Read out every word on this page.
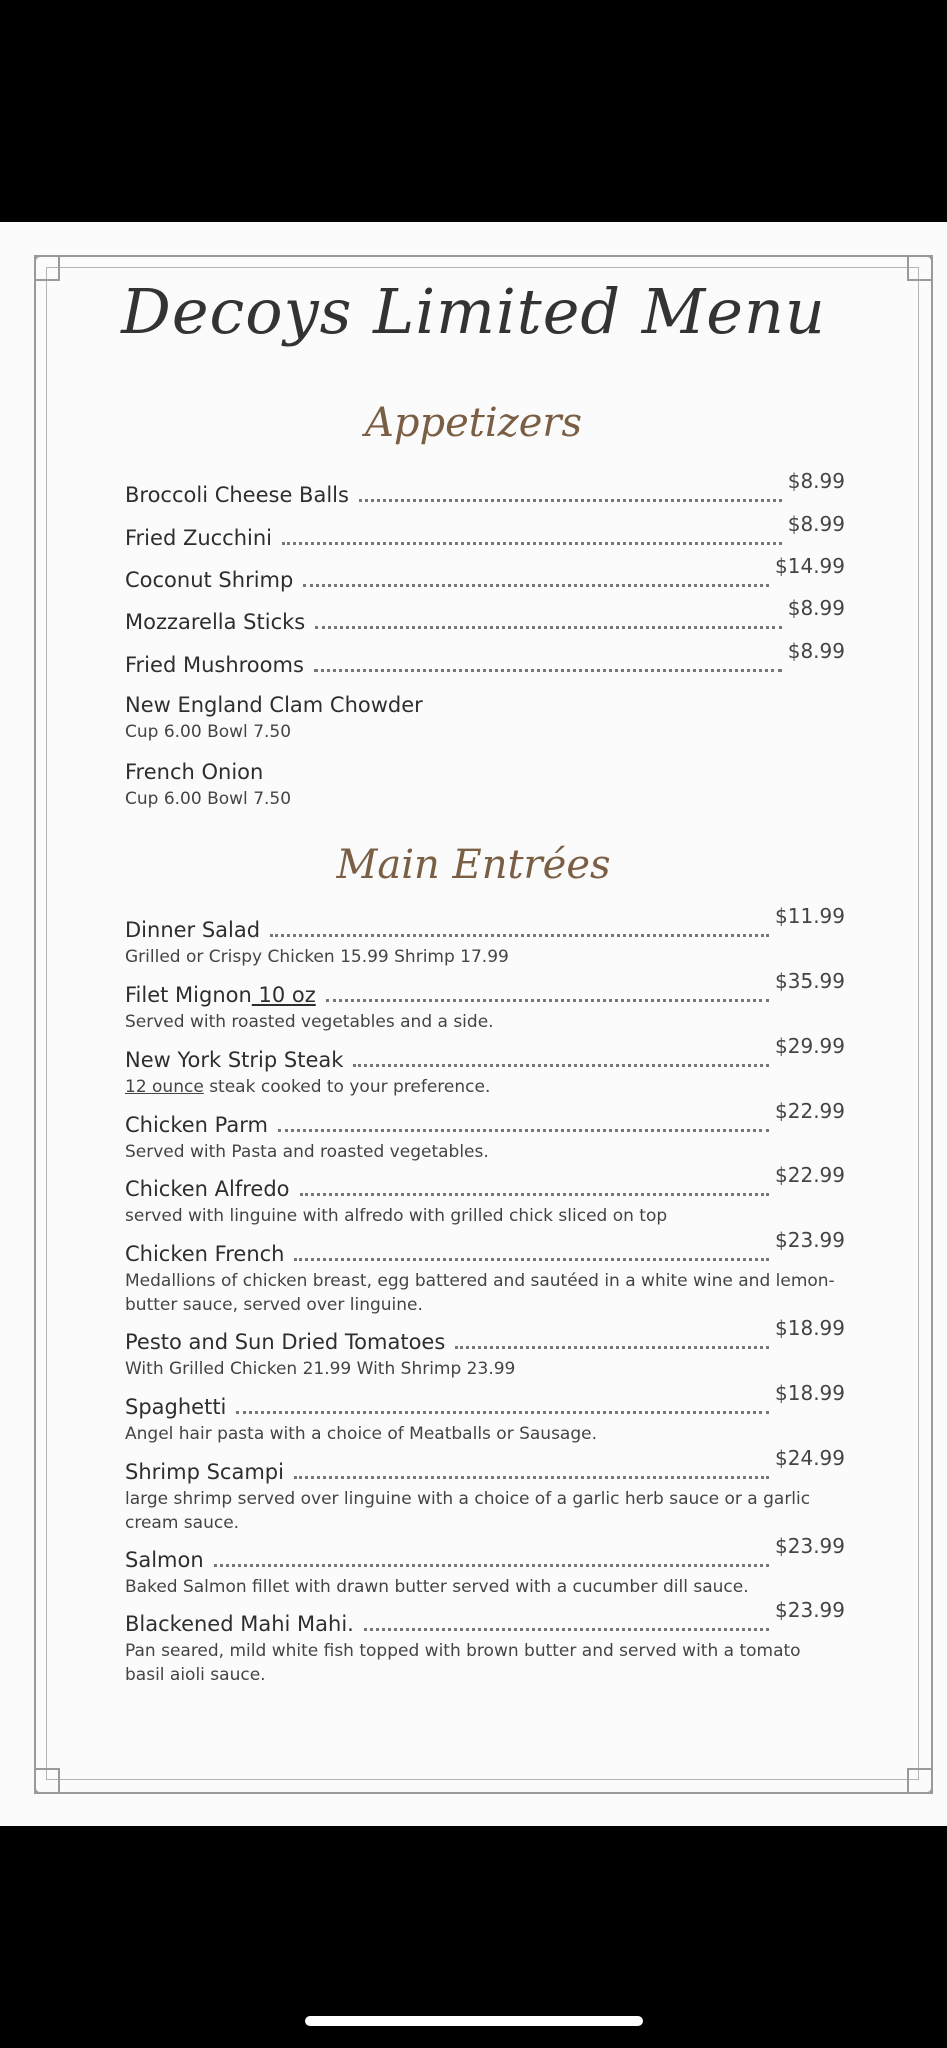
Decoys Limited Menu
Appetizers
Broccoli Cheese Balls
$8.99
Fried Zucchini
$8.99
Coconut Shrimp
$14.99
Mozzarella Sticks
$8.99
Fried Mushrooms
$8.99
New England Clam Chowder
Cup 6.00 Bowl 7.50
French Onion
Cup 6.00 Bowl 7.50
Main Entrées
Dinner Salad
$11.99
Grilled or Crispy Chicken 15.99 Shrimp 17.99
Filet Mignon 10 oz
$35.99
Served with roasted vegetables and a side.
New York Strip Steak
$29.99
12 ounce steak cooked to your preference.
Chicken Parm
$22.99
Served with Pasta and roasted vegetables.
Chicken Alfredo
$22.99
served with linguine with alfredo with grilled chick sliced on top
Chicken French
$23.99
Medallions of chicken breast, egg battered and sautéed in a white wine and lemon-butter sauce, served over linguine.
Pesto and Sun Dried Tomatoes
$18.99
With Grilled Chicken 21.99 With Shrimp 23.99
Spaghetti
$18.99
Angel hair pasta with a choice of Meatballs or Sausage.
Shrimp Scampi
$24.99
large shrimp served over linguine with a choice of a garlic herb sauce or a garlic cream sauce.
Salmon
$23.99
Baked Salmon fillet with drawn butter served with a cucumber dill sauce.
Blackened Mahi Mahi.
$23.99
Pan seared, mild white fish topped with brown butter and served with a tomato basil aioli sauce.
